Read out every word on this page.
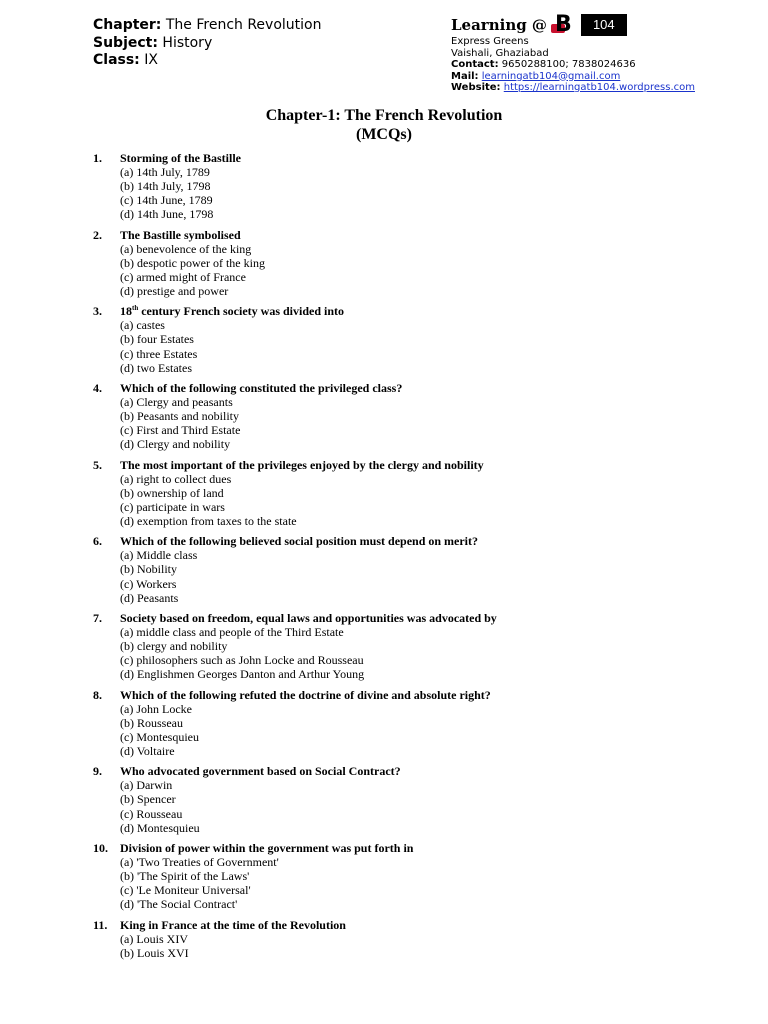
Chapter: The French Revolution
Subject: History
Class: IX
Learning @ B	104
Express Greens
Vaishali, Ghaziabad
Contact: 9650288100; 7838024636
Mail: learningatb104@gmail.com
Website: https://learningatb104.wordpress.com
Chapter-1: The French Revolution
(MCQs)
1.	Storming of the Bastille
(a) 14th July, 1789
(b) 14th July, 1798
(c) 14th June, 1789
(d) 14th June, 1798
2.	The Bastille symbolised
(a) benevolence of the king
(b) despotic power of the king
(c) armed might of France
(d) prestige and power
3.	18th century French society was divided into
(a) castes
(b) four Estates
(c) three Estates
(d) two Estates
4.	Which of the following constituted the privileged class?
(a) Clergy and peasants
(b) Peasants and nobility
(c) First and Third Estate
(d) Clergy and nobility
5.	The most important of the privileges enjoyed by the clergy and nobility
(a) right to collect dues
(b) ownership of land
(c) participate in wars
(d) exemption from taxes to the state
6.	Which of the following believed social position must depend on merit?
(a) Middle class
(b) Nobility
(c) Workers
(d) Peasants
7.	Society based on freedom, equal laws and opportunities was advocated by
(a) middle class and people of the Third Estate
(b) clergy and nobility
(c) philosophers such as John Locke and Rousseau
(d) Englishmen Georges Danton and Arthur Young
8.	Which of the following refuted the doctrine of divine and absolute right?
(a) John Locke
(b) Rousseau
(c) Montesquieu
(d) Voltaire
9.	Who advocated government based on Social Contract?
(a) Darwin
(b) Spencer
(c) Rousseau
(d) Montesquieu
10.	Division of power within the government was put forth in
(a) 'Two Treaties of Government'
(b) 'The Spirit of the Laws'
(c) 'Le Moniteur Universal'
(d) 'The Social Contract'
11.	King in France at the time of the Revolution
(a) Louis XIV
(b) Louis XVI
